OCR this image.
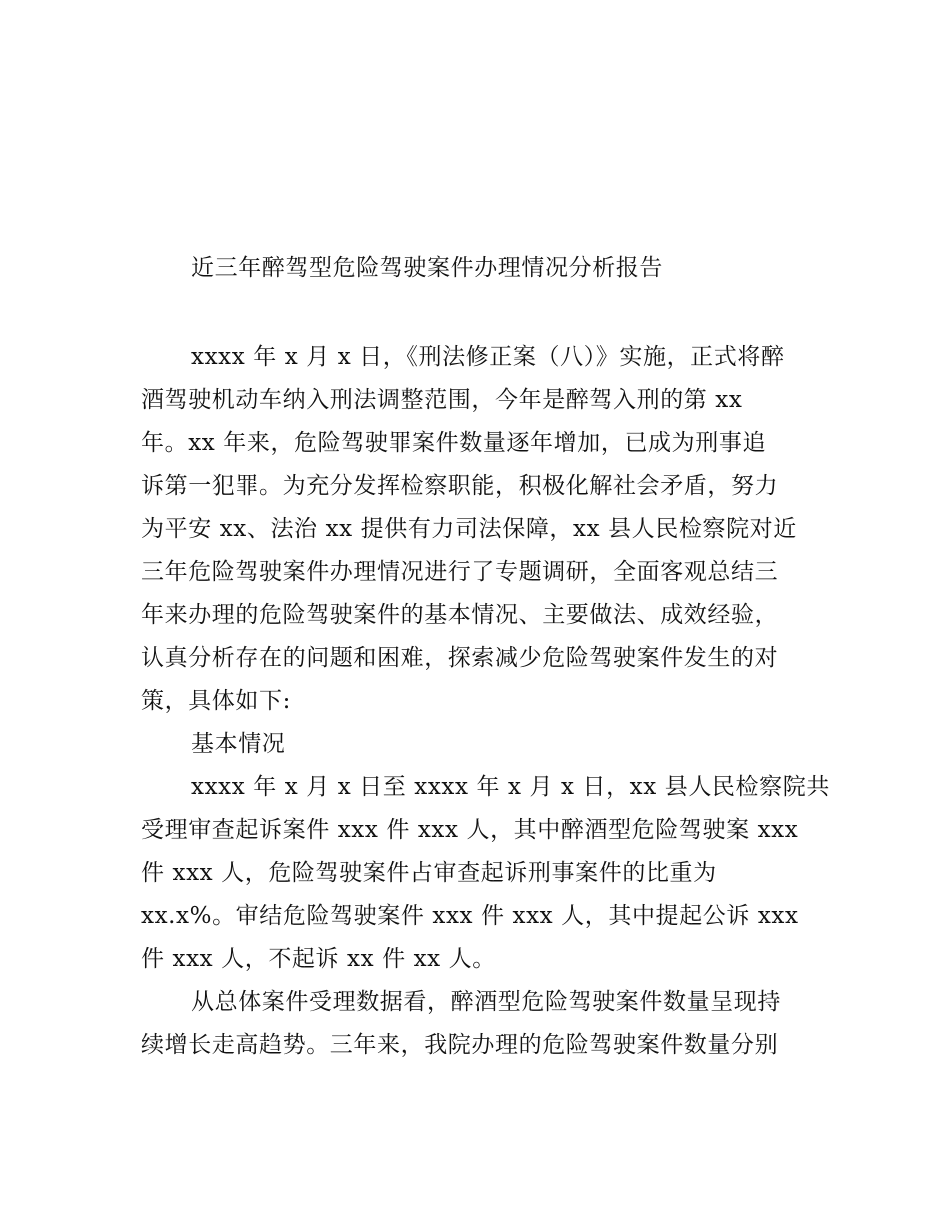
近三年醉驾型危险驾驶案件办理情况分析报告
xxxx 年 x 月 x 日，《刑法修正案（八）》实施，正式将醉
酒驾驶机动车纳入刑法调整范围，今年是醉驾入刑的第 xx
年。xx 年来，危险驾驶罪案件数量逐年增加，已成为刑事追
诉第一犯罪。为充分发挥检察职能，积极化解社会矛盾，努力
为平安 xx、法治 xx 提供有力司法保障，xx 县人民检察院对近
三年危险驾驶案件办理情况进行了专题调研，全面客观总结三
年来办理的危险驾驶案件的基本情况、主要做法、成效经验，
认真分析存在的问题和困难，探索减少危险驾驶案件发生的对
策，具体如下:
基本情况
xxxx 年 x 月 x 日至 xxxx 年 x 月 x 日，xx 县人民检察院共
受理审查起诉案件 xxx 件 xxx 人，其中醉酒型危险驾驶案 xxx
件 xxx 人，危险驾驶案件占审查起诉刑事案件的比重为
xx.x%。审结危险驾驶案件 xxx 件 xxx 人，其中提起公诉 xxx
件 xxx 人，不起诉 xx 件 xx 人。
从总体案件受理数据看，醉酒型危险驾驶案件数量呈现持
续增长走高趋势。三年来，我院办理的危险驾驶案件数量分别
